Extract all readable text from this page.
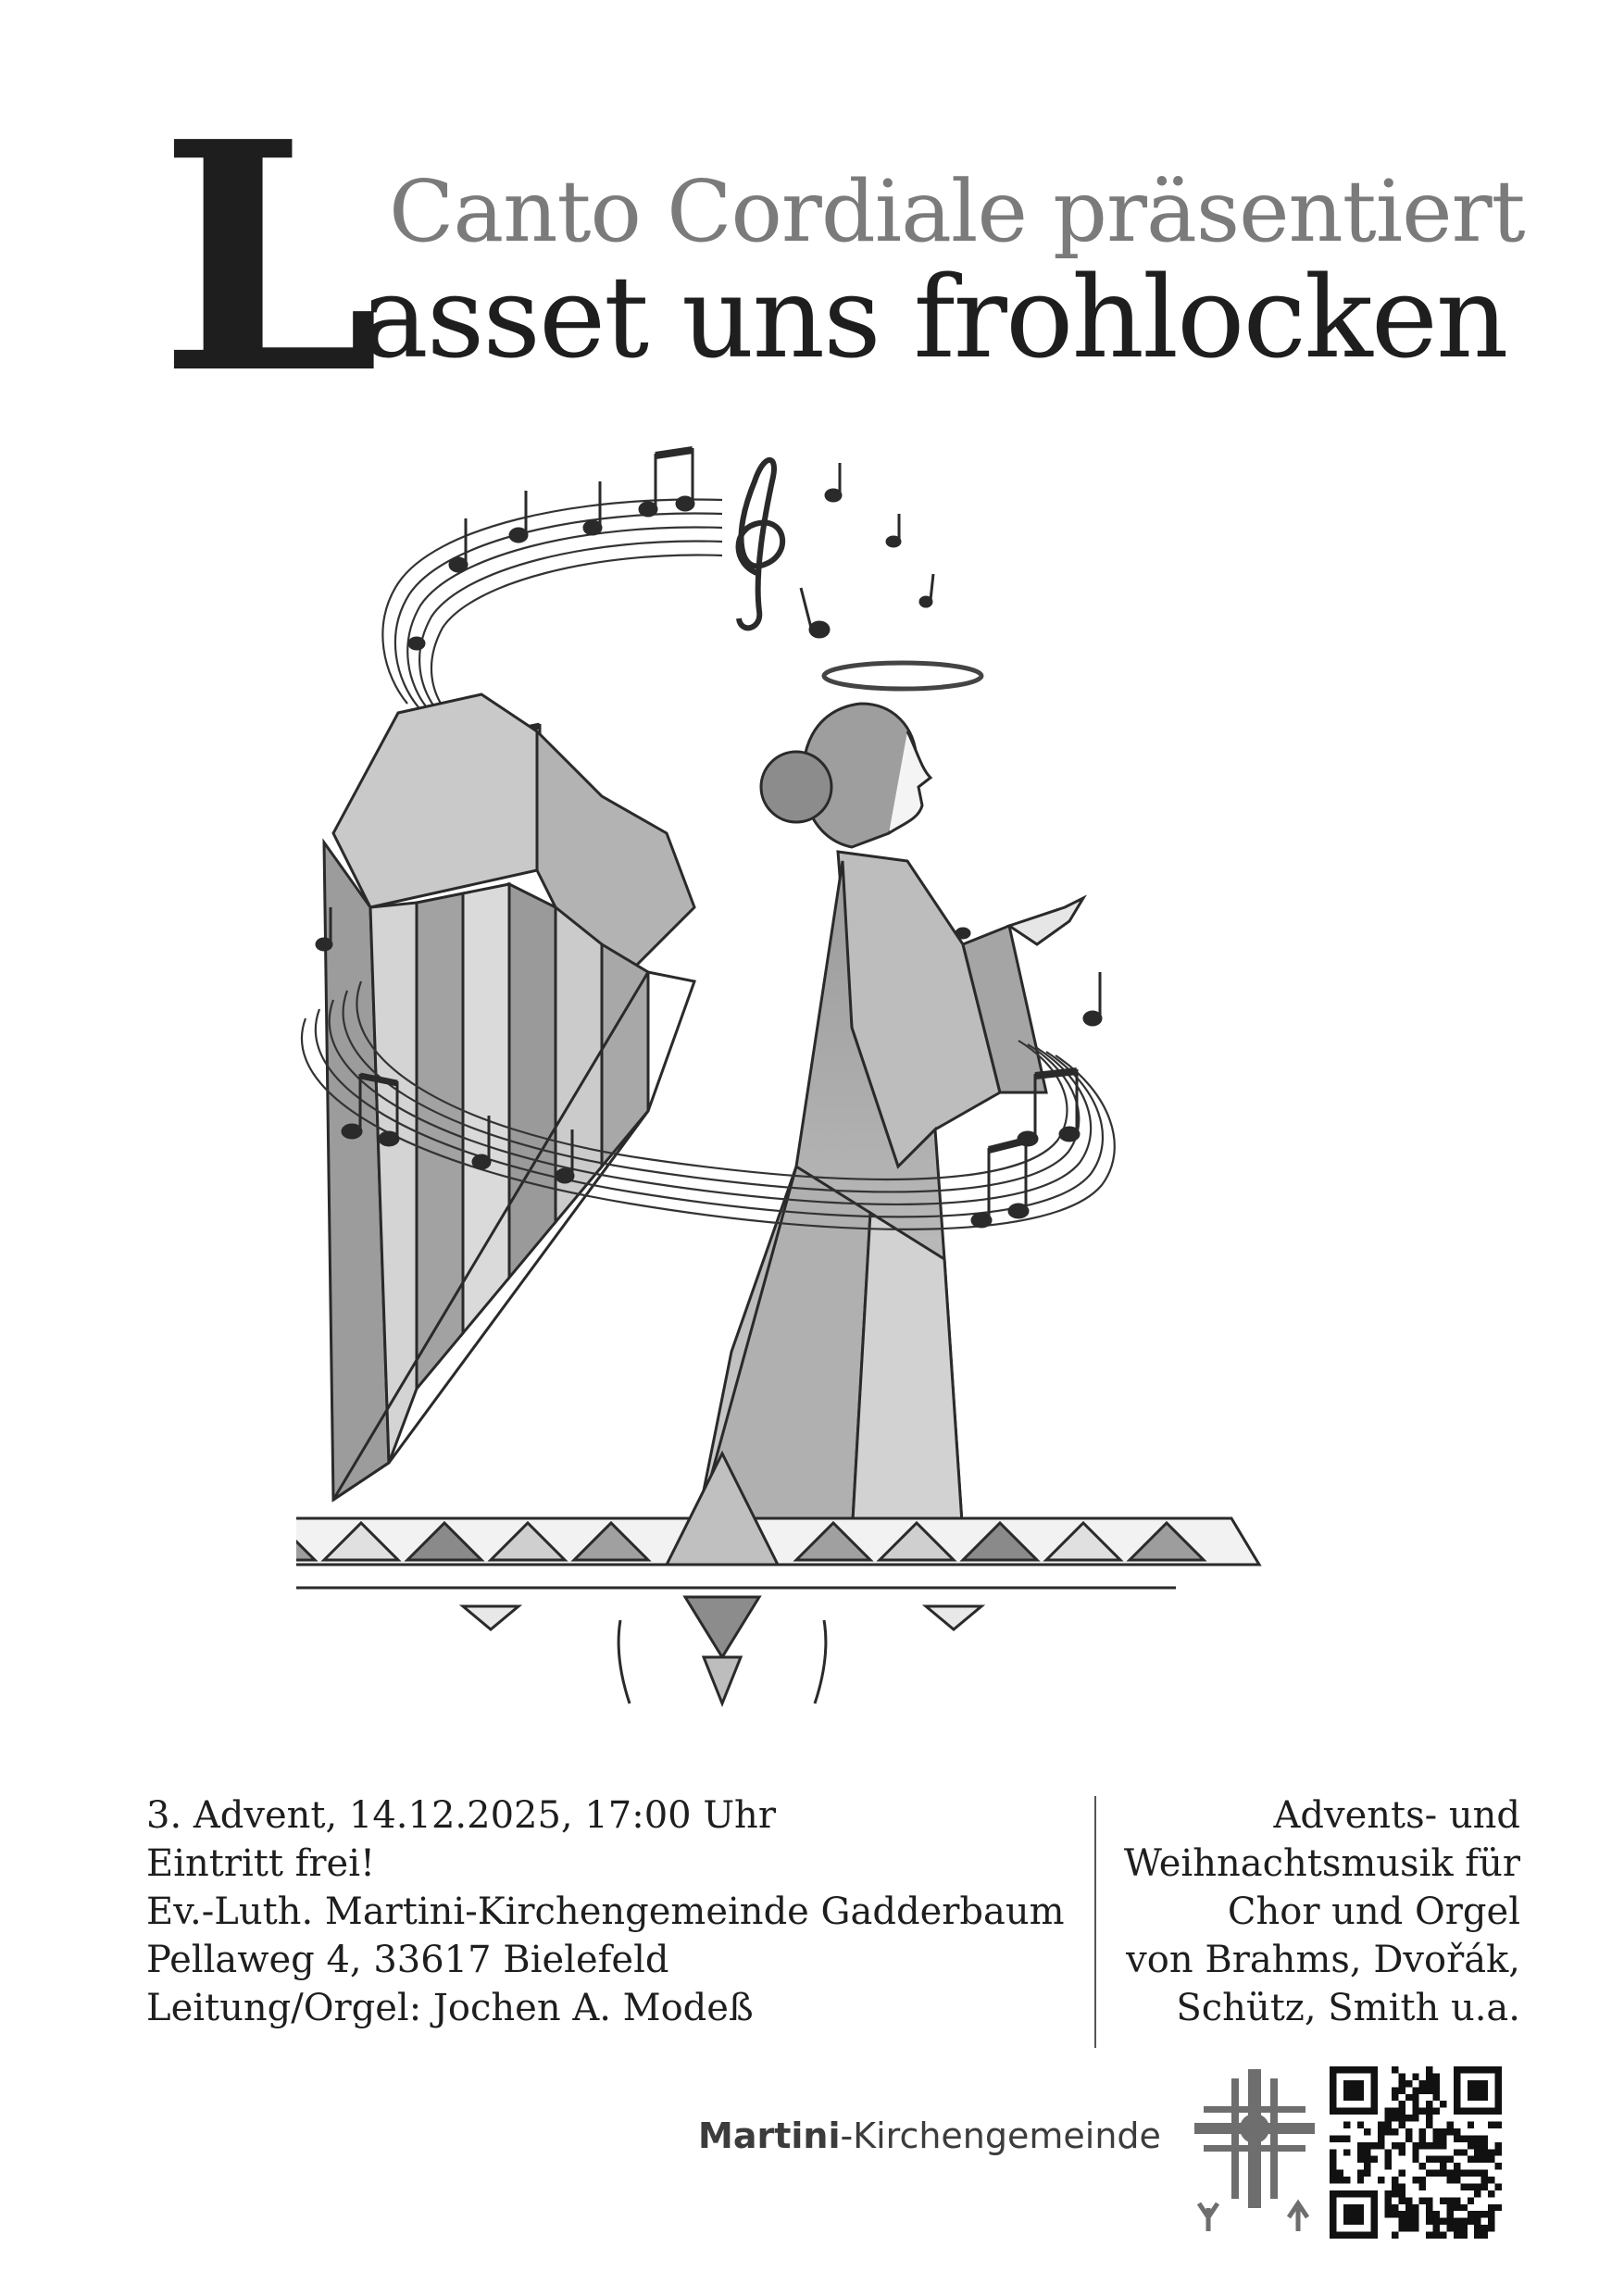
L Canto Cordiale präsentiert
asset uns frohlocken
3. Advent, 14.12.2025, 17:00 Uhr
Eintritt frei!
Ev.-Luth. Martini-Kirchengemeinde Gadderbaum
Pellaweg 4, 33617 Bielefeld
Leitung/Orgel: Jochen A. Modeß
Advents- und
Weihnachtsmusik für
Chor und Orgel
von Brahms, Dvořák,
Schütz, Smith u.a.
Martini-Kirchengemeinde
